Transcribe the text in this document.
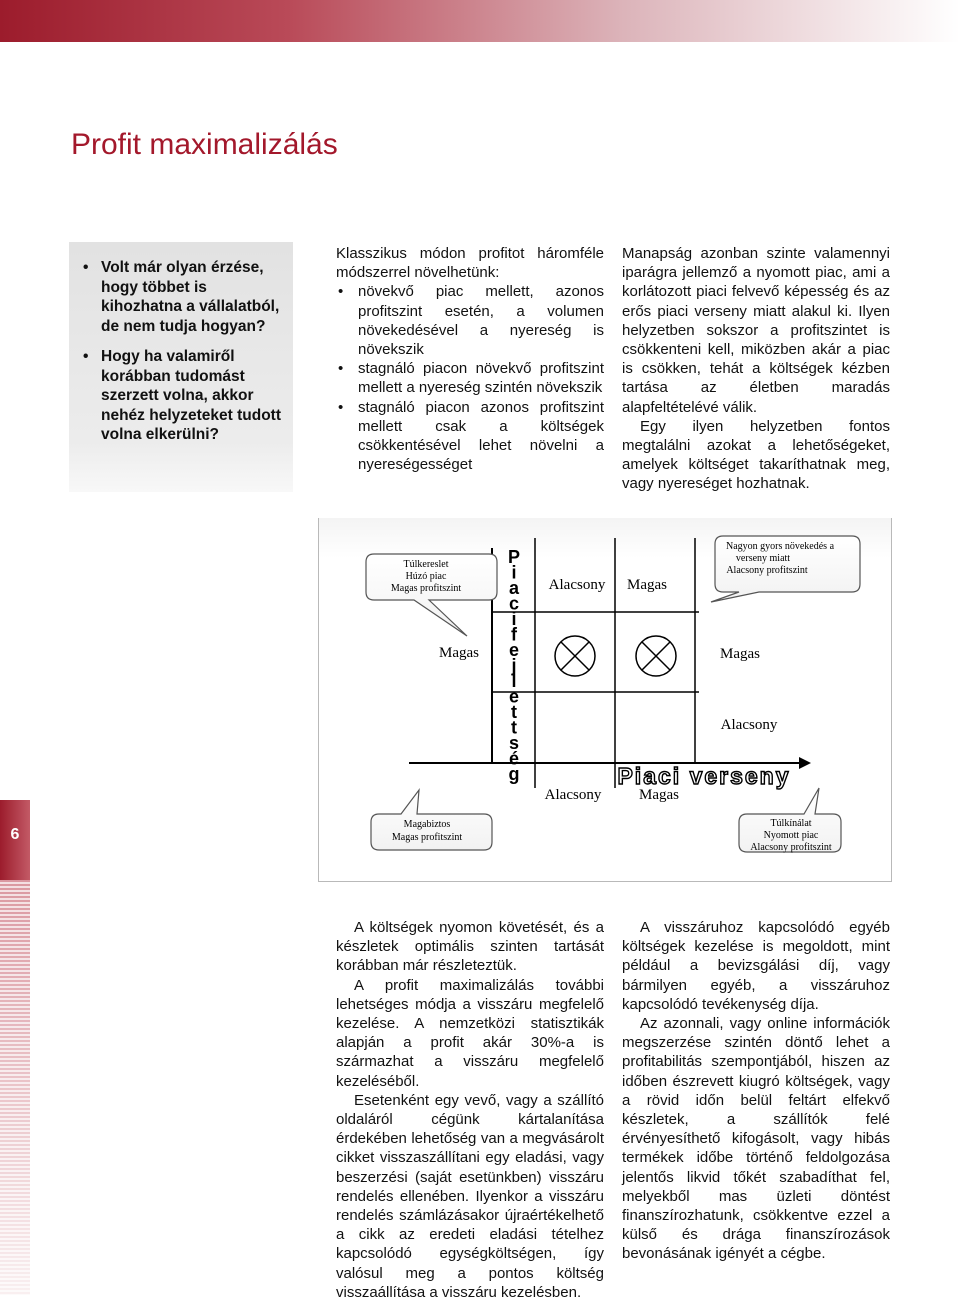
Profit maximalizálás
• Volt már olyan érzése, hogy többet is kihozhatna a vállalatból, de nem tudja hogyan?
• Hogy ha valamiről korábban tudomást szerzett volna, akkor nehéz helyzeteket tudott volna elkerülni?

Klasszikus módon profitot háromféle módszerrel növelhetünk:

• növekvő piac mellett, azonos profitszint esetén, a volumen növekedésével a nyereség is növekszik
• stagnáló piacon növekvő profitszint mellett a nyereség szintén növekszik
• stagnáló piacon azonos profitszint mellett csak a költségek csökkentésével lehet növelni a nyereségességet

Manapság azonban szinte valamennyi iparágra jellemző a nyomott piac, ami a korlátozott piaci felvevő képesség és az erős piaci verseny miatt alakul ki. Ilyen helyzetben sokszor a profitszintet is csökkenteni kell, miközben akár a piac is csökken, tehát a költségek kézben tartása az életben maradás alapfeltételévé válik.

Egy ilyen helyzetben fontos megtalálni azokat a lehetőségeket, amelyek költséget takaríthatnak meg, vagy nyereséget hozhatnak.

P i a c i f e j l e t t s é g	Piaci verseny
Alacsony Magas
Alacsony	Magas
Magas	Magas
Alacsony
Túlkereslet
Húzó piac
Magas profitszint
Nagyon gyors növekedés a
verseny miatt
Alacsony profitszint
Magabiztos
Magas profitszint
Túlkínálat
Nyomott piac
Alacsony profitszint
6

A költségek nyomon követését, és a készletek optimális szinten tartását korábban már részleteztük.

A profit maximalizálás további lehetséges módja a visszáru megfelelő kezelése. A nemzetközi statisztikák alapján a profit akár 30%-a is származhat a visszáru megfelelő kezeléséből.

Esetenként egy vevő, vagy a szállító oldaláról cégünk kártalanítása érdekében lehetőség van a megvásárolt cikket visszaszállítani egy eladási, vagy beszerzési (saját esetünkben) visszáru rendelés ellenében. Ilyenkor a visszáru rendelés számlázásakor újraértékelhető a cikk az eredeti eladási tételhez kapcsolódó egységköltségen, így valósul meg a pontos költség visszaállítása a visszáru kezelésben.

A visszáruhoz kapcsolódó egyéb költségek kezelése is megoldott, mint például a bevizsgálási díj, vagy bármilyen egyéb, a visszáruhoz kapcsolódó tevékenység díja.

Az azonnali, vagy online információk megszerzése szintén döntő lehet a profitabilitás szempontjából, hiszen az időben észrevett kiugró költségek, vagy a rövid időn belül feltárt elfekvő készletek, a szállítók felé érvényesíthető kifogásolt, vagy hibás termékek időbe történő feldolgozása jelentős likvid tőkét szabadíthat fel, melyekből mas üzleti döntést finanszírozhatunk, csökkentve ezzel a külső és drága finanszírozások bevonásának igényét a cégbe.
